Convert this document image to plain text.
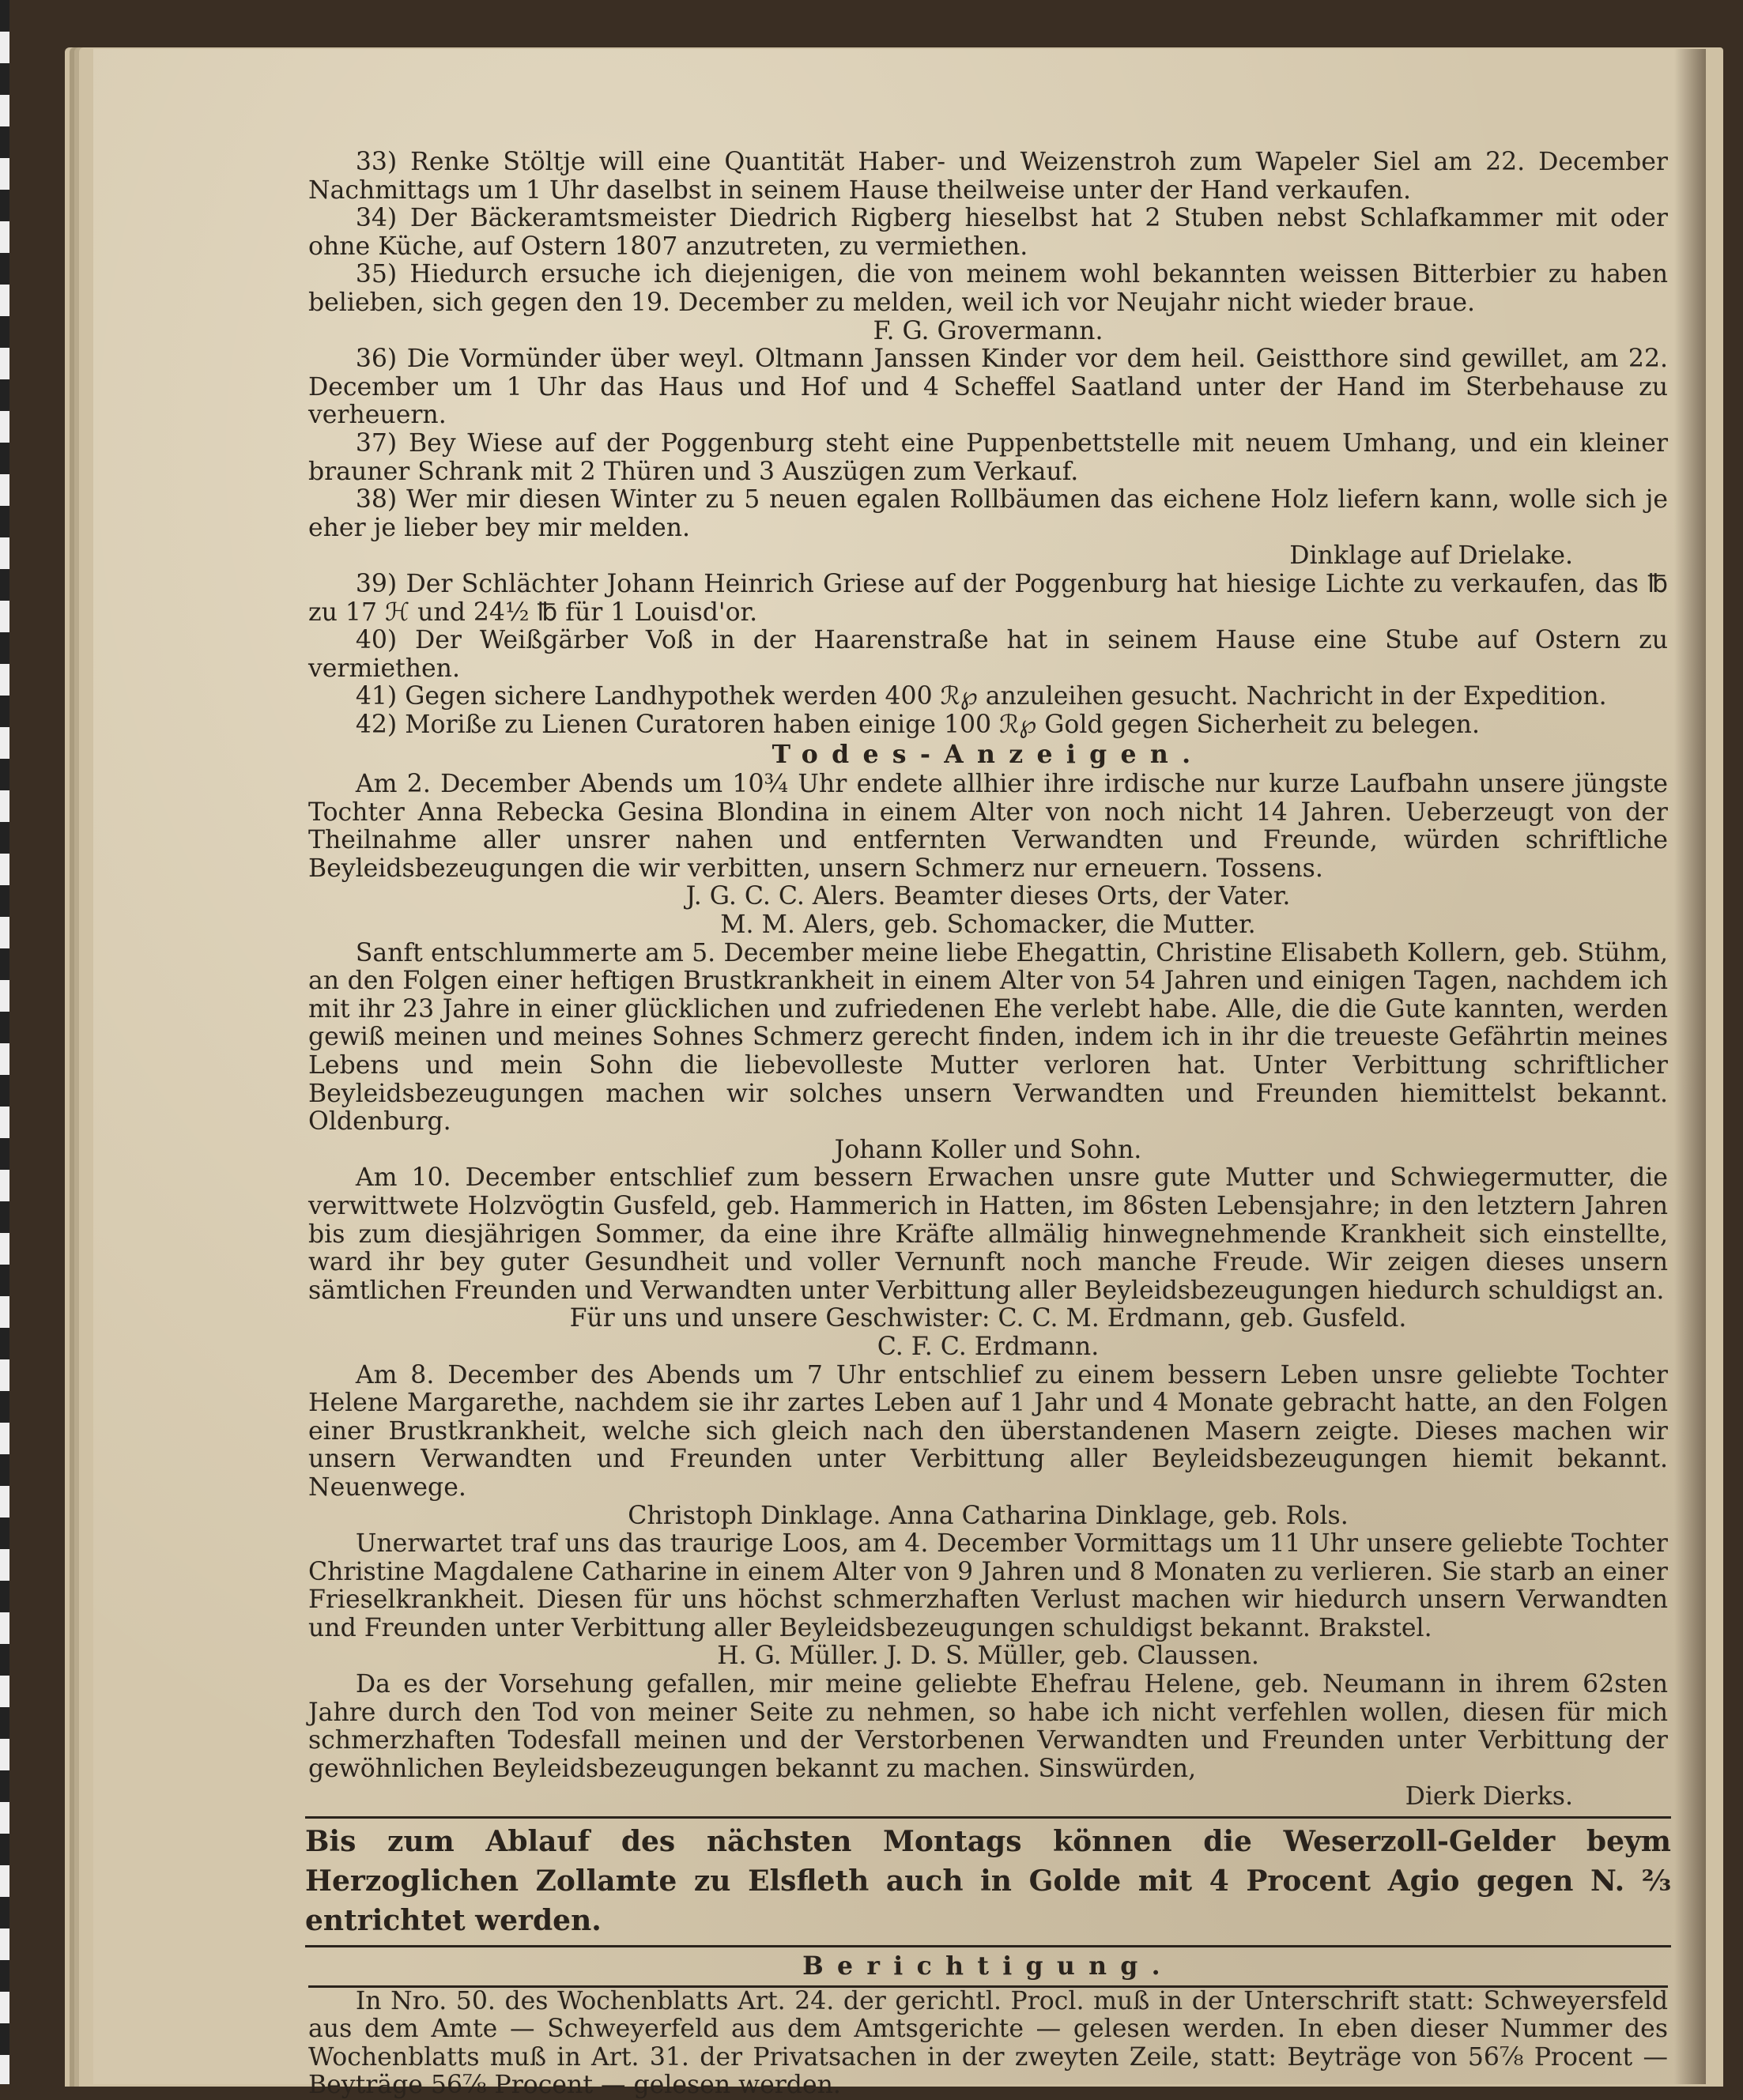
33) Renke Stöltje will eine Quantität Haber- und Weizenstroh zum Wapeler Siel am 22. December Nachmittags um 1 Uhr daselbst in seinem Hause theilweise unter der Hand verkaufen.
34) Der Bäckeramtsmeister Diedrich Rigberg hieselbst hat 2 Stuben nebst Schlafkammer mit oder ohne Küche, auf Ostern 1807 anzutreten, zu vermiethen.
35) Hiedurch ersuche ich diejenigen, die von meinem wohl bekannten weissen Bitterbier zu haben belieben, sich gegen den 19. December zu melden, weil ich vor Neujahr nicht wieder braue.
F. G. Grovermann.
36) Die Vormünder über weyl. Oltmann Janssen Kinder vor dem heil. Geistthore sind gewillet, am 22. December um 1 Uhr das Haus und Hof und 4 Scheffel Saatland unter der Hand im Sterbehause zu verheuern.
37) Bey Wiese auf der Poggenburg steht eine Puppenbettstelle mit neuem Umhang, und ein kleiner brauner Schrank mit 2 Thüren und 3 Auszügen zum Verkauf.
38) Wer mir diesen Winter zu 5 neuen egalen Rollbäumen das eichene Holz liefern kann, wolle sich je eher je lieber bey mir melden.
Dinklage auf Drielake.
39) Der Schlächter Johann Heinrich Griese auf der Poggenburg hat hiesige Lichte zu verkaufen, das ℔ zu 17 ℋ und 24½ ℔ für 1 Louisd'or.
40) Der Weißgärber Voß in der Haarenstraße hat in seinem Hause eine Stube auf Ostern zu vermiethen.
41) Gegen sichere Landhypothek werden 400 ℛ℘ anzuleihen gesucht. Nachricht in der Expedition.
42) Moriße zu Lienen Curatoren haben einige 100 ℛ℘ Gold gegen Sicherheit zu belegen.
Todes-Anzeigen.
Am 2. December Abends um 10¾ Uhr endete allhier ihre irdische nur kurze Laufbahn unsere jüngste Tochter Anna Rebecka Gesina Blondina in einem Alter von noch nicht 14 Jahren. Ueberzeugt von der Theilnahme aller unsrer nahen und entfernten Verwandten und Freunde, würden schriftliche Beyleidsbezeugungen die wir verbitten, unsern Schmerz nur erneuern. Tossens.
J. G. C. C. Alers. Beamter dieses Orts, der Vater.
M. M. Alers, geb. Schomacker, die Mutter.
Sanft entschlummerte am 5. December meine liebe Ehegattin, Christine Elisabeth Kollern, geb. Stühm, an den Folgen einer heftigen Brustkrankheit in einem Alter von 54 Jahren und einigen Tagen, nachdem ich mit ihr 23 Jahre in einer glücklichen und zufriedenen Ehe verlebt habe. Alle, die die Gute kannten, werden gewiß meinen und meines Sohnes Schmerz gerecht finden, indem ich in ihr die treueste Gefährtin meines Lebens und mein Sohn die liebevolleste Mutter verloren hat. Unter Verbittung schriftlicher Beyleidsbezeugungen machen wir solches unsern Verwandten und Freunden hiemittelst bekannt. Oldenburg.
Johann Koller und Sohn.
Am 10. December entschlief zum bessern Erwachen unsre gute Mutter und Schwiegermutter, die verwittwete Holzvögtin Gusfeld, geb. Hammerich in Hatten, im 86sten Lebensjahre; in den letztern Jahren bis zum diesjährigen Sommer, da eine ihre Kräfte allmälig hinwegnehmende Krankheit sich einstellte, ward ihr bey guter Gesundheit und voller Vernunft noch manche Freude. Wir zeigen dieses unsern sämtlichen Freunden und Verwandten unter Verbittung aller Beyleidsbezeugungen hiedurch schuldigst an.
Für uns und unsere Geschwister: C. C. M. Erdmann, geb. Gusfeld.
C. F. C. Erdmann.
Am 8. December des Abends um 7 Uhr entschlief zu einem bessern Leben unsre geliebte Tochter Helene Margarethe, nachdem sie ihr zartes Leben auf 1 Jahr und 4 Monate gebracht hatte, an den Folgen einer Brustkrankheit, welche sich gleich nach den überstandenen Masern zeigte. Dieses machen wir unsern Verwandten und Freunden unter Verbittung aller Beyleidsbezeugungen hiemit bekannt. Neuenwege.
Christoph Dinklage. Anna Catharina Dinklage, geb. Rols.
Unerwartet traf uns das traurige Loos, am 4. December Vormittags um 11 Uhr unsere geliebte Tochter Christine Magdalene Catharine in einem Alter von 9 Jahren und 8 Monaten zu verlieren. Sie starb an einer Frieselkrankheit. Diesen für uns höchst schmerzhaften Verlust machen wir hiedurch unsern Verwandten und Freunden unter Verbittung aller Beyleidsbezeugungen schuldigst bekannt. Brakstel.
H. G. Müller. J. D. S. Müller, geb. Claussen.
Da es der Vorsehung gefallen, mir meine geliebte Ehefrau Helene, geb. Neumann in ihrem 62sten Jahre durch den Tod von meiner Seite zu nehmen, so habe ich nicht verfehlen wollen, diesen für mich schmerzhaften Todesfall meinen und der Verstorbenen Verwandten und Freunden unter Verbittung der gewöhnlichen Beyleidsbezeugungen bekannt zu machen. Sinswürden,
Dierk Dierks.
Bis zum Ablauf des nächsten Montags können die Weserzoll-Gelder beym Herzoglichen Zollamte zu Elsfleth auch in Golde mit 4 Procent Agio gegen N. ⅔ entrichtet werden.
Berichtigung.
In Nro. 50. des Wochenblatts Art. 24. der gerichtl. Procl. muß in der Unterschrift statt: Schweyersfeld aus dem Amte — Schweyerfeld aus dem Amtsgerichte — gelesen werden. In eben dieser Nummer des Wochenblatts muß in Art. 31. der Privatsachen in der zweyten Zeile, statt: Beyträge von 56⅞ Procent — Beyträge 56⅞ Procent — gelesen werden.
